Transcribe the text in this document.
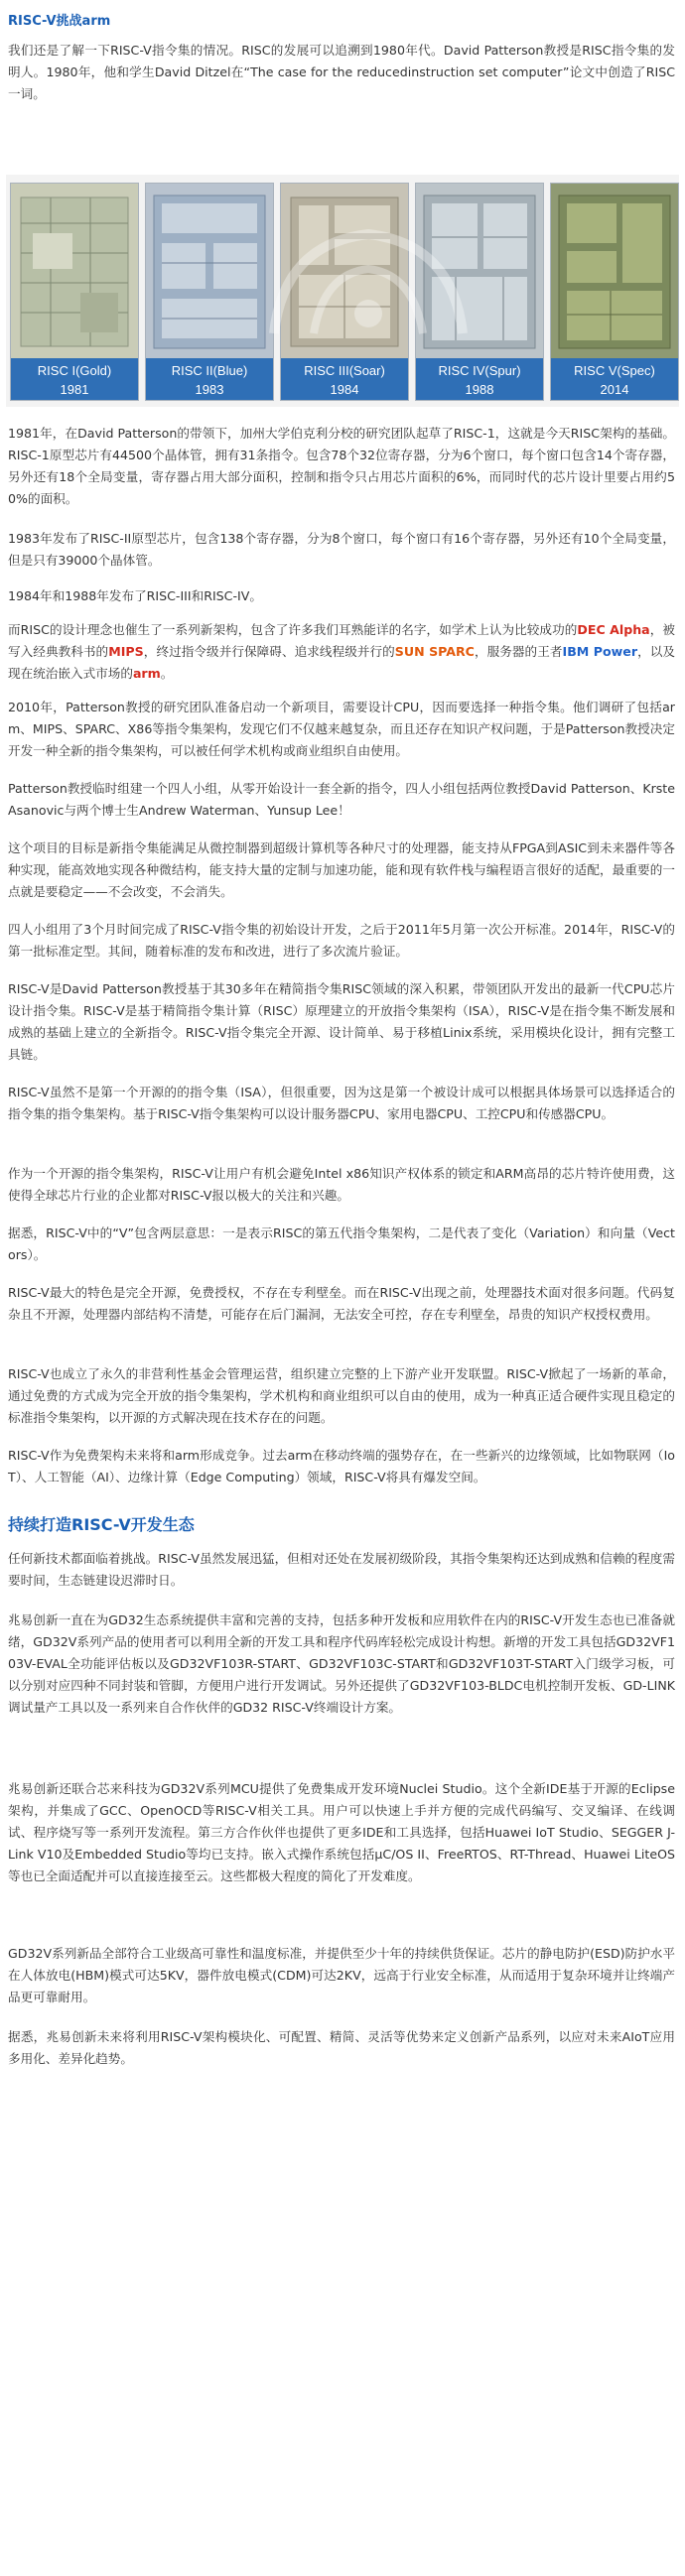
RISC-V挑战arm

我们还是了解一下RISC-V指令集的情况。RISC的发展可以追溯到1980年代。David Patterson教授是RISC指令集的发明人。1980年，他和学生David Ditzel在“The case for the reducedinstruction set computer”论文中创造了RISC一词。

RISC I(Gold)
1981
RISC II(Blue)
1983
RISC III(Soar)
1984
RISC IV(Spur)
1988
RISC V(Spec)
2014

1981年，在David Patterson的带领下，加州大学伯克利分校的研究团队起草了RISC-1，这就是今天RISC架构的基础。RISC-1原型芯片有44500个晶体管，拥有31条指令。包含78个32位寄存器，分为6个窗口，每个窗口包含14个寄存器，另外还有18个全局变量，寄存器占用大部分面积，控制和指令只占用芯片面积的6%，而同时代的芯片设计里要占用约50%的面积。

1983年发布了RISC-II原型芯片，包含138个寄存器，分为8个窗口，每个窗口有16个寄存器，另外还有10个全局变量，但是只有39000个晶体管。

1984年和1988年发布了RISC-III和RISC-IV。

而RISC的设计理念也催生了一系列新架构，包含了许多我们耳熟能详的名字，如学术上认为比较成功的DEC Alpha，被写入经典教科书的MIPS，终过指令级并行保障碍、追求线程级并行的SUN SPARC，服务器的王者IBM Power，以及现在统治嵌入式市场的arm。

2010年，Patterson教授的研究团队准备启动一个新项目，需要设计CPU，因而要选择一种指令集。他们调研了包括arm、MIPS、SPARC、X86等指令集架构，发现它们不仅越来越复杂，而且还存在知识产权问题，于是Patterson教授决定开发一种全新的指令集架构，可以被任何学术机构或商业组织自由使用。

Patterson教授临时组建一个四人小组，从零开始设计一套全新的指令，四人小组包括两位教授David Patterson、Krste Asanovic与两个博士生Andrew Waterman、Yunsup Lee！

这个项目的目标是新指令集能满足从微控制器到超级计算机等各种尺寸的处理器，能支持从FPGA到ASIC到未来器件等各种实现，能高效地实现各种微结构，能支持大量的定制与加速功能，能和现有软件栈与编程语言很好的适配，最重要的一点就是要稳定——不会改变，不会消失。

四人小组用了3个月时间完成了RISC-V指令集的初始设计开发，之后于2011年5月第一次公开标准。2014年，RISC-V的第一批标准定型。其间，随着标准的发布和改进，进行了多次流片验证。

RISC-V是David Patterson教授基于其30多年在精简指令集RISC领域的深入积累，带领团队开发出的最新一代CPU芯片设计指令集。RISC-V是基于精简指令集计算（RISC）原理建立的开放指令集架构（ISA），RISC-V是在指令集不断发展和成熟的基础上建立的全新指令。RISC-V指令集完全开源、设计简单、易于移植Linix系统，采用模块化设计，拥有完整工具链。

RISC-V虽然不是第一个开源的的指令集（ISA），但很重要，因为这是第一个被设计成可以根据具体场景可以选择适合的指令集的指令集架构。基于RISC-V指令集架构可以设计服务器CPU、家用电器CPU、工控CPU和传感器CPU。

作为一个开源的指令集架构，RISC-V让用户有机会避免Intel x86知识产权体系的锁定和ARM高昂的芯片特许使用费，这使得全球芯片行业的企业都对RISC-V报以极大的关注和兴趣。

据悉，RISC-V中的“V”包含两层意思：一是表示RISC的第五代指令集架构，二是代表了变化（Variation）和向量（Vectors）。

RISC-V最大的特色是完全开源，免费授权，不存在专利壁垒。而在RISC-V出现之前，处理器技术面对很多问题。代码复杂且不开源，处理器内部结构不清楚，可能存在后门漏洞，无法安全可控，存在专利壁垒，昂贵的知识产权授权费用。

RISC-V也成立了永久的非营利性基金会管理运营，组织建立完整的上下游产业开发联盟。RISC-V掀起了一场新的革命，通过免费的方式成为完全开放的指令集架构，学术机构和商业组织可以自由的使用，成为一种真正适合硬件实现且稳定的标准指令集架构，以开源的方式解决现在技术存在的问题。

RISC-V作为免费架构未来将和arm形成竞争。过去arm在移动终端的强势存在，在一些新兴的边缘领域，比如物联网（IoT）、人工智能（AI）、边缘计算（Edge Computing）领域，RISC-V将具有爆发空间。

持续打造RISC-V开发生态

任何新技术都面临着挑战。RISC-V虽然发展迅猛，但相对还处在发展初级阶段，其指令集架构还达到成熟和信赖的程度需要时间，生态链建设迟滞时日。

兆易创新一直在为GD32生态系统提供丰富和完善的支持，包括多种开发板和应用软件在内的RISC-V开发生态也已准备就绪，GD32V系列产品的使用者可以利用全新的开发工具和程序代码库轻松完成设计构想。新增的开发工具包括GD32VF103V-EVAL全功能评估板以及GD32VF103R-START、GD32VF103C-START和GD32VF103T-START入门级学习板，可以分别对应四种不同封装和管脚，方便用户进行开发调试。另外还提供了GD32VF103-BLDC电机控制开发板、GD-LINK调试量产工具以及一系列来自合作伙伴的GD32 RISC-V终端设计方案。

兆易创新还联合芯来科技为GD32V系列MCU提供了免费集成开发环境Nuclei Studio。这个全新IDE基于开源的Eclipse架构，并集成了GCC、OpenOCD等RISC-V相关工具。用户可以快速上手并方便的完成代码编写、交叉编译、在线调试、程序烧写等一系列开发流程。第三方合作伙伴也提供了更多IDE和工具选择，包括Huawei IoT Studio、SEGGER J-Link V10及Embedded Studio等均已支持。嵌入式操作系统包括μC/OS II、FreeRTOS、RT-Thread、Huawei LiteOS等也已全面适配并可以直接连接至云。这些都极大程度的简化了开发难度。

GD32V系列新品全部符合工业级高可靠性和温度标准，并提供至少十年的持续供货保证。芯片的静电防护(ESD)防护水平在人体放电(HBM)模式可达5KV，器件放电模式(CDM)可达2KV，远高于行业安全标准，从而适用于复杂环境并让终端产品更可靠耐用。

据悉，兆易创新未来将利用RISC-V架构模块化、可配置、精简、灵活等优势来定义创新产品系列，以应对未来AIoT应用多用化、差异化趋势。
